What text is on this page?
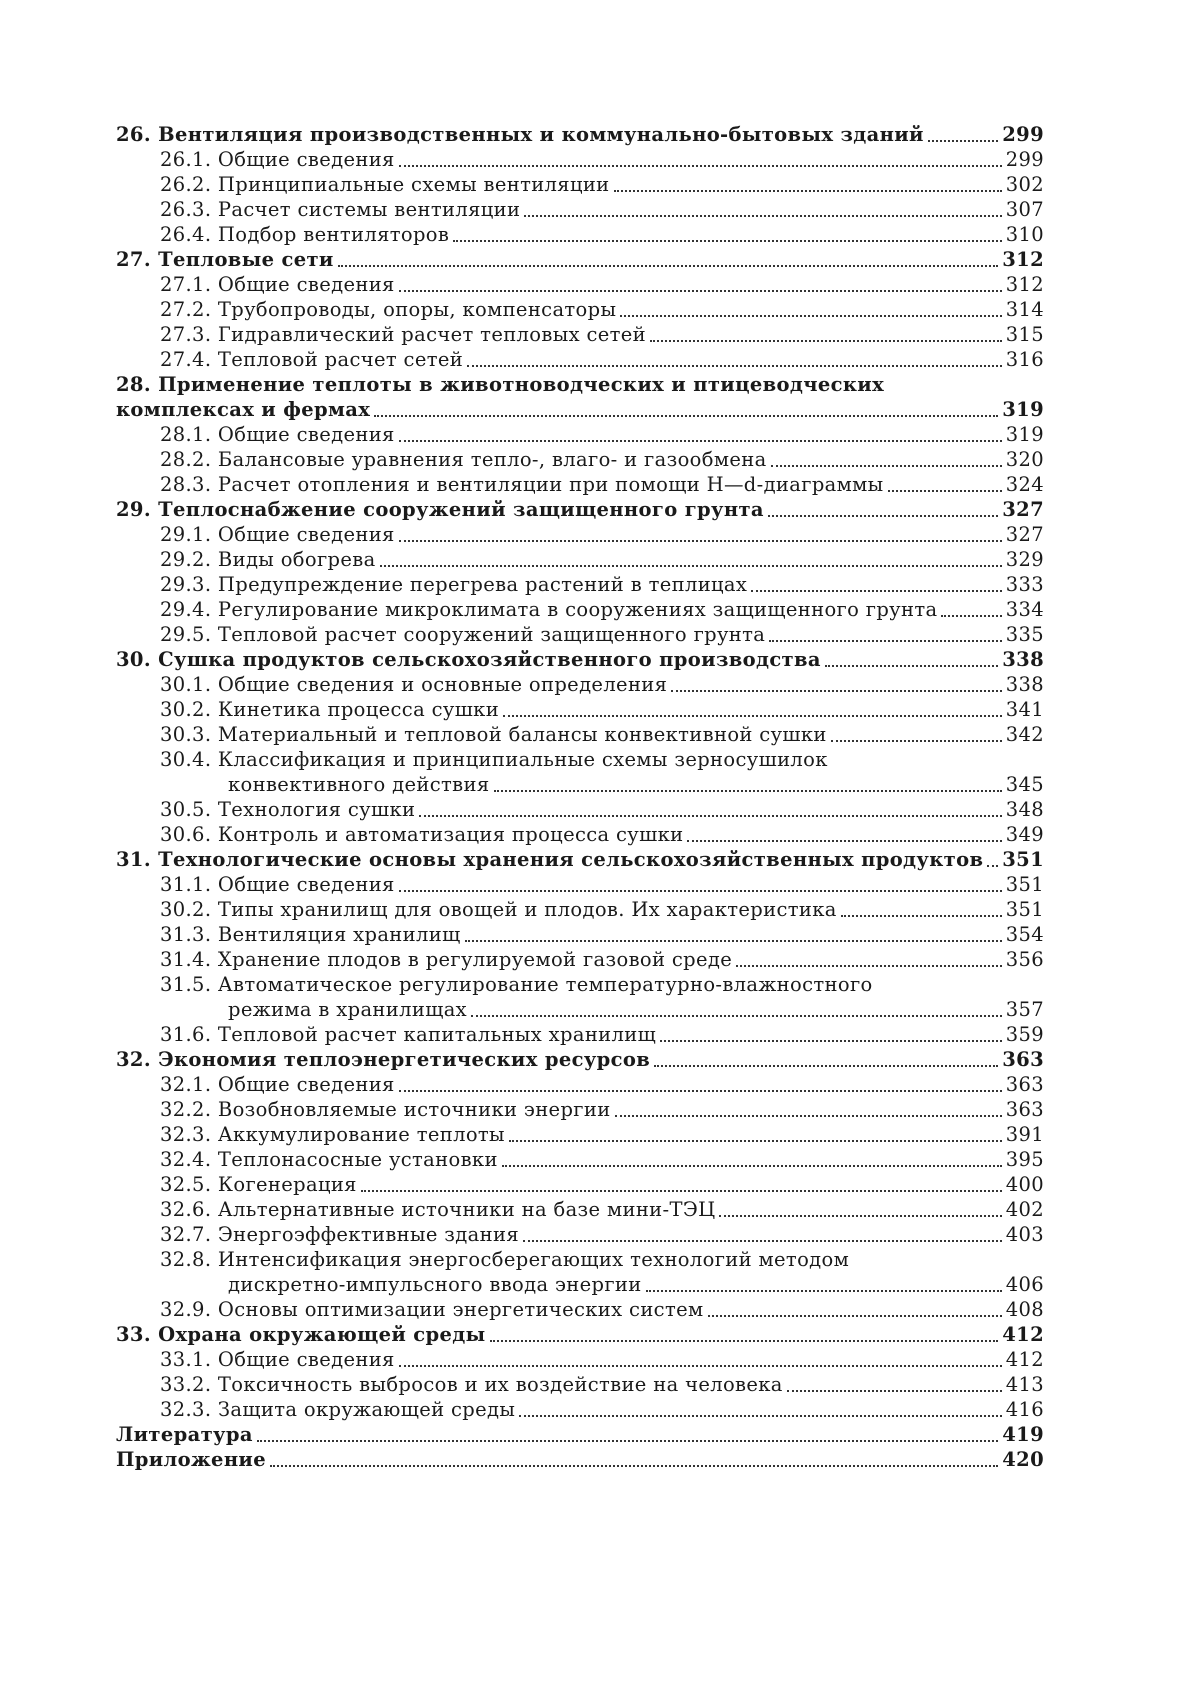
26. Вентиляция производственных и коммунально-бытовых зданий	299
26.1. Общие сведения	299
26.2. Принципиальные схемы вентиляции	302
26.3. Расчет системы вентиляции	307
26.4. Подбор вентиляторов	310
27. Тепловые сети	312
27.1. Общие сведения	312
27.2. Трубопроводы, опоры, компенсаторы	314
27.3. Гидравлический расчет тепловых сетей	315
27.4. Тепловой расчет сетей	316
28. Применение теплоты в животноводческих и птицеводческих
комплексах и фермах	319
28.1. Общие сведения	319
28.2. Балансовые уравнения тепло-, влаго- и газообмена	320
28.3. Расчет отопления и вентиляции при помощи H—d-диаграммы	324
29. Теплоснабжение сооружений защищенного грунта	327
29.1. Общие сведения	327
29.2. Виды обогрева	329
29.3. Предупреждение перегрева растений в теплицах	333
29.4. Регулирование микроклимата в сооружениях защищенного грунта	334
29.5. Тепловой расчет сооружений защищенного грунта	335
30. Сушка продуктов сельскохозяйственного производства	338
30.1. Общие сведения и основные определения	338
30.2. Кинетика процесса сушки	341
30.3. Материальный и тепловой балансы конвективной сушки	342
30.4. Классификация и принципиальные схемы зерносушилок
конвективного действия	345
30.5. Технология сушки	348
30.6. Контроль и автоматизация процесса сушки	349
31. Технологические основы хранения сельскохозяйственных продуктов 351
31.1. Общие сведения	351
30.2. Типы хранилищ для овощей и плодов. Их характеристика	351
31.3. Вентиляция хранилищ	354
31.4. Хранение плодов в регулируемой газовой среде	356
31.5. Автоматическое регулирование температурно-влажностного
режима в хранилищах	357
31.6. Тепловой расчет капитальных хранилищ	359
32. Экономия теплоэнергетических ресурсов	363
32.1. Общие сведения	363
32.2. Возобновляемые источники энергии	363
32.3. Аккумулирование теплоты	391
32.4. Теплонасосные установки	395
32.5. Когенерация	400
32.6. Альтернативные источники на базе мини-ТЭЦ	402
32.7. Энергоэффективные здания	403
32.8. Интенсификация энергосберегающих технологий методом
дискретно-импульсного ввода энергии	406
32.9. Основы оптимизации энергетических систем	408
33. Охрана окружающей среды	412
33.1. Общие сведения	412
33.2. Токсичность выбросов и их воздействие на человека	413
32.3. Защита окружающей среды	416
Литература	419
Приложение	420
